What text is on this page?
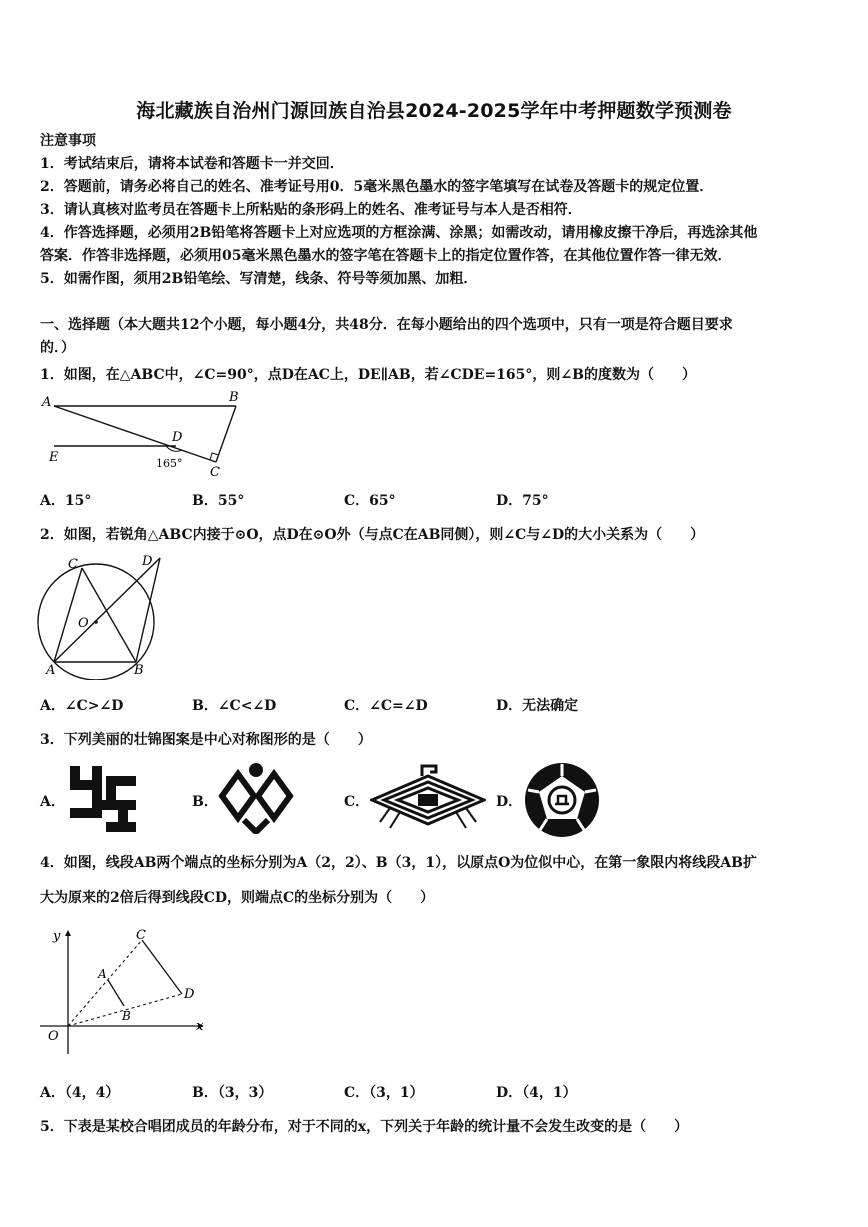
海北藏族自治州门源回族自治县2024-2025学年中考押题数学预测卷
注意事项
1．考试结束后，请将本试卷和答题卡一并交回．
2．答题前，请务必将自己的姓名、准考证号用0．5毫米黑色墨水的签字笔填写在试卷及答题卡的规定位置．
3．请认真核对监考员在答题卡上所粘贴的条形码上的姓名、准考证号与本人是否相符．
4．作答选择题，必须用2B铅笔将答题卡上对应选项的方框涂满、涂黑；如需改动，请用橡皮擦干净后，再选涂其他
答案．作答非选择题，必须用05毫米黑色墨水的签字笔在答题卡上的指定位置作答，在其他位置作答一律无效．
5．如需作图，须用2B铅笔绘、写清楚，线条、符号等须加黑、加粗．
一、选择题（本大题共12个小题，每小题4分，共48分．在每小题给出的四个选项中，只有一项是符合题目要求
的．）
1．如图，在△ABC中，∠C=90°，点D在AC上，DE∥AB，若∠CDE=165°，则∠B的度数为（　　）
A	B
C
D
E	165°
A．15°	B．55°	C．65°	D．75°
2．如图，若锐角△ABC内接于⊙O，点D在⊙O外（与点C在AB同侧），则∠C与∠D的大小关系为（　　）
C	D
O
A	B
A．∠C>∠D	B．∠C<∠D	C．∠C=∠D	D．无法确定
3．下列美丽的壮锦图案是中心对称图形的是（　　）
A．	B．	C．	D．
4．如图，线段AB两个端点的坐标分别为A（2，2）、B（3，1），以原点O为位似中心，在第一象限内将线段AB扩
大为原来的2倍后得到线段CD，则端点C的坐标分别为（　　）
y
x
O
A
B
C
D
A．（4，4）	B．（3，3）	C．（3，1）	D．（4，1）
5．下表是某校合唱团成员的年龄分布，对于不同的x，下列关于年龄的统计量不会发生改变的是（　　）
